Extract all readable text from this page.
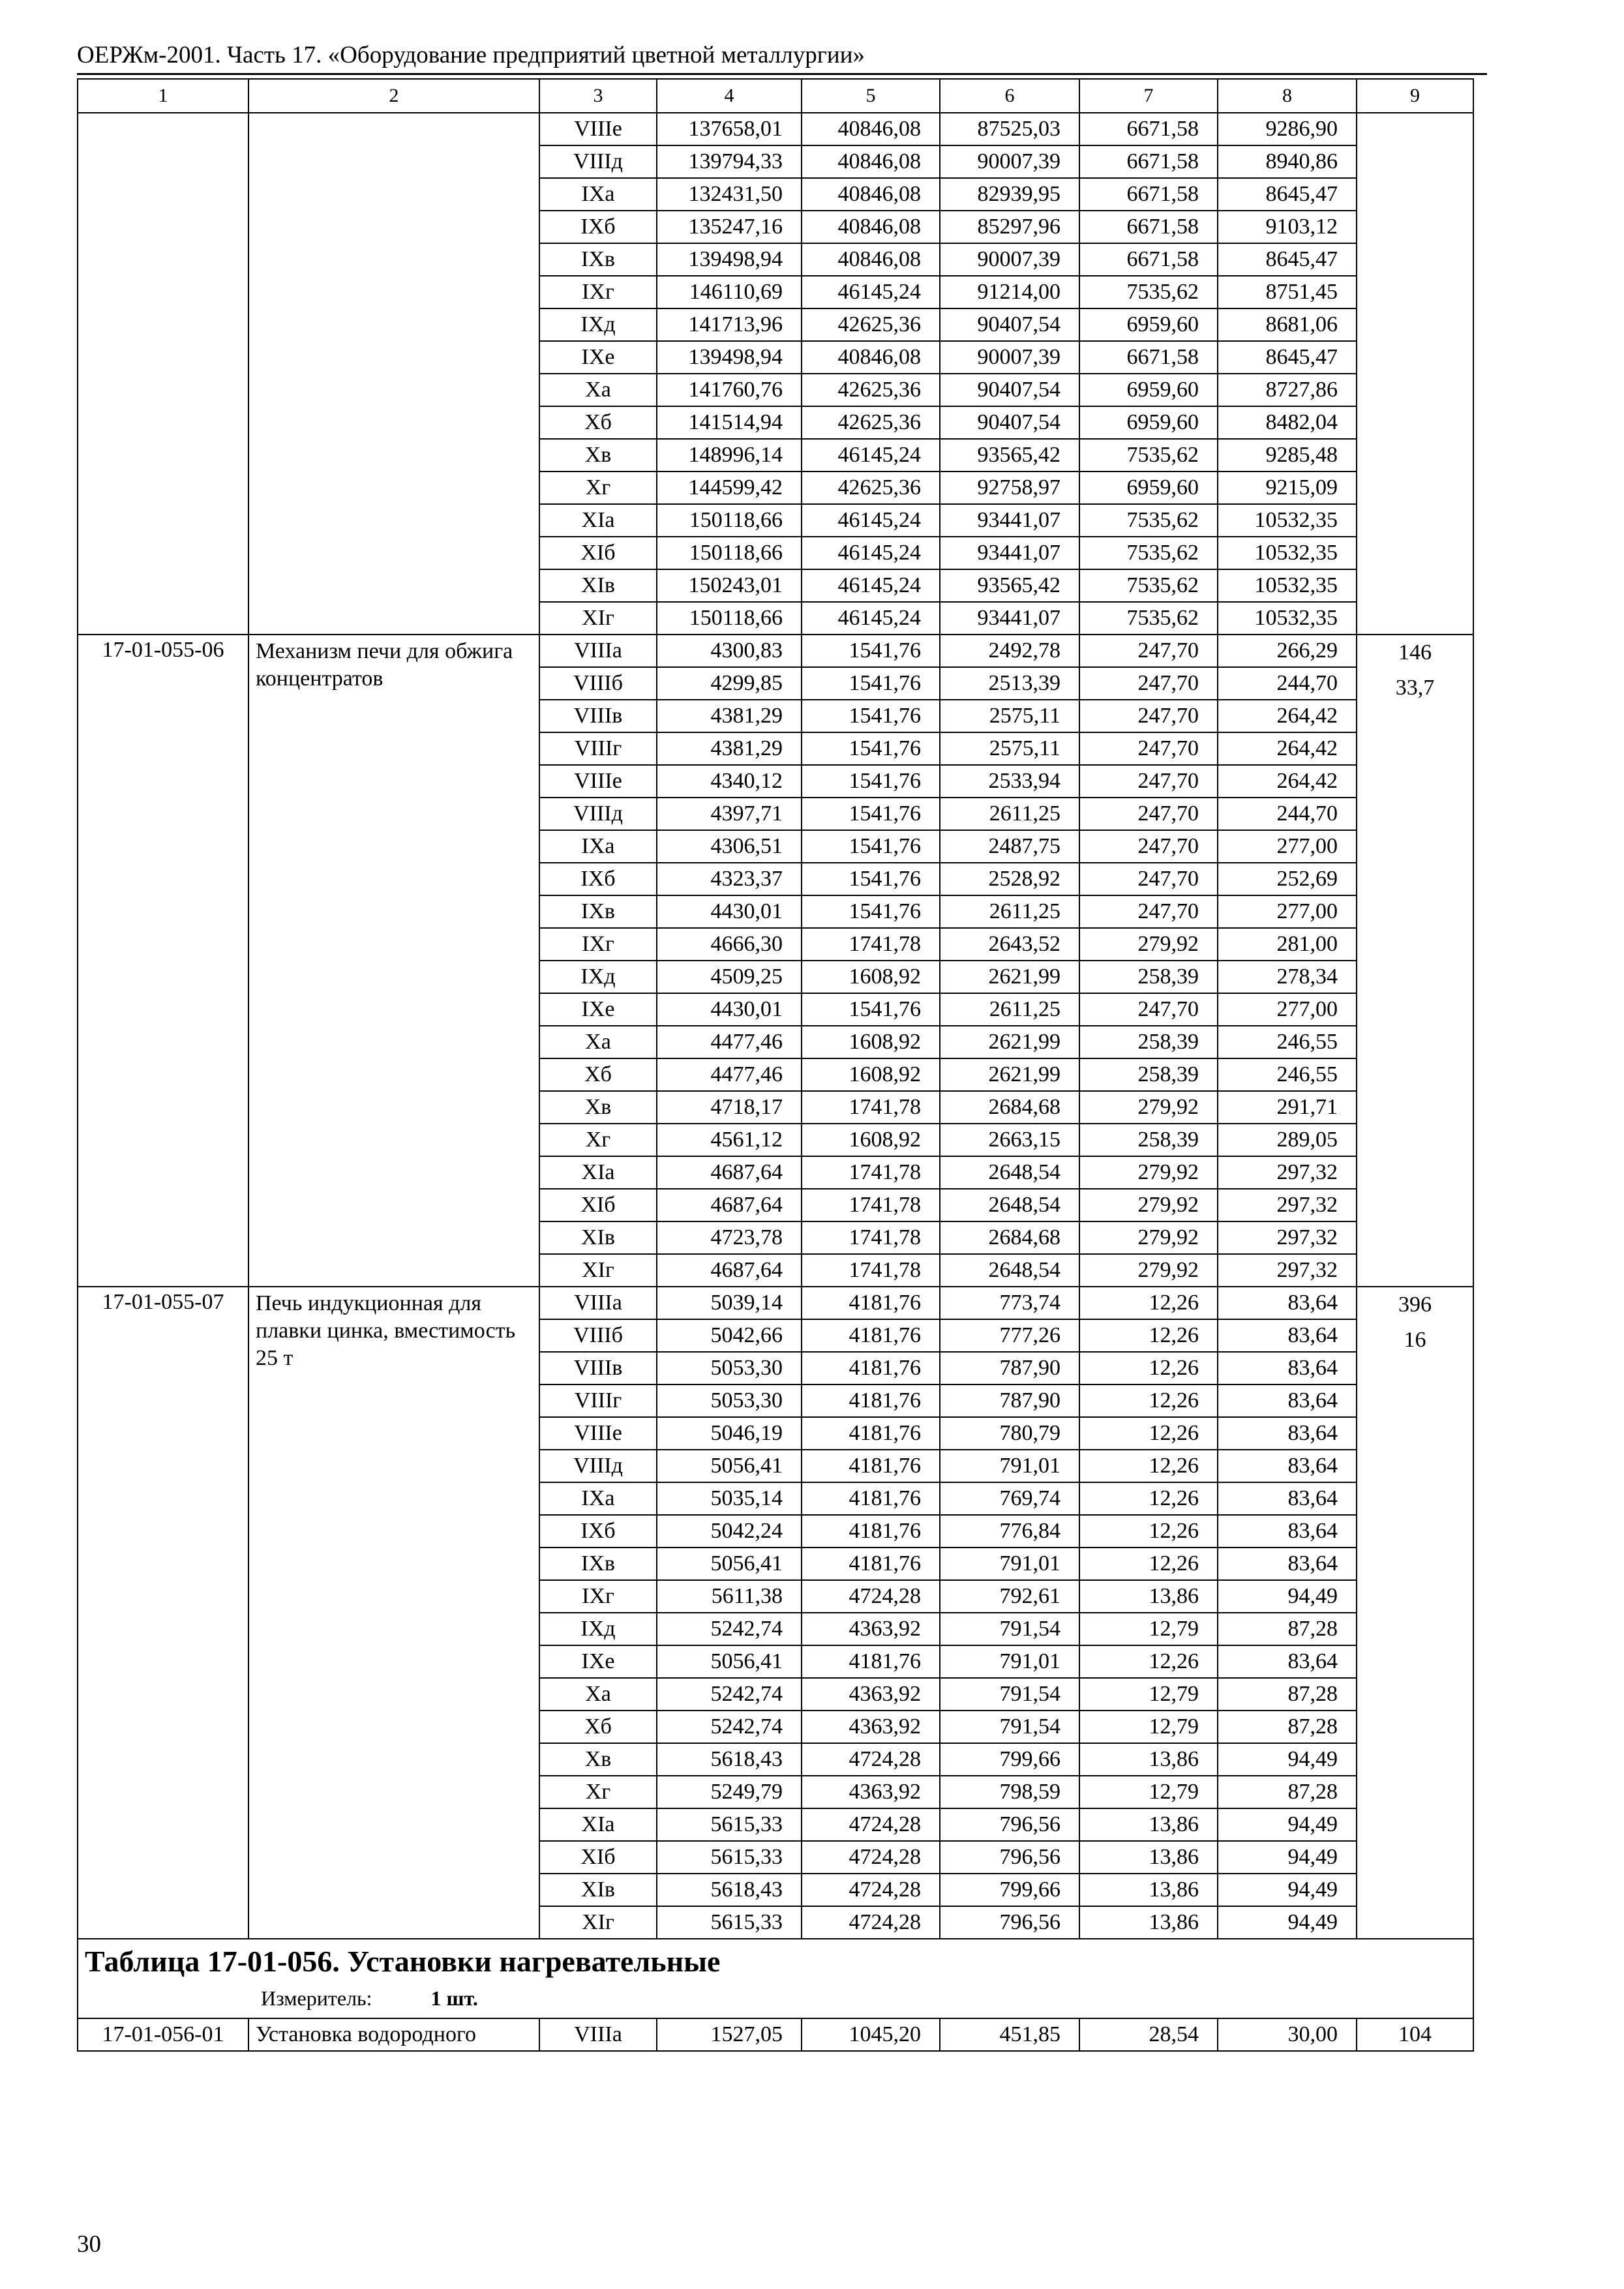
ОЕРЖм-2001. Часть 17. «Оборудование предприятий цветной металлургии»
1	2	3	4	5	6	7	8	9
		VIIIе	137658,01	40846,08	87525,03	6671,58	9286,90	
		VIIIд	139794,33	40846,08	90007,39	6671,58	8940,86	
		IXа	132431,50	40846,08	82939,95	6671,58	8645,47	
		IXб	135247,16	40846,08	85297,96	6671,58	9103,12	
		IXв	139498,94	40846,08	90007,39	6671,58	8645,47	
		IXг	146110,69	46145,24	91214,00	7535,62	8751,45	
		IXд	141713,96	42625,36	90407,54	6959,60	8681,06	
		IXе	139498,94	40846,08	90007,39	6671,58	8645,47	
		Xа	141760,76	42625,36	90407,54	6959,60	8727,86	
		Xб	141514,94	42625,36	90407,54	6959,60	8482,04	
		Xв	148996,14	46145,24	93565,42	7535,62	9285,48	
		Xг	144599,42	42625,36	92758,97	6959,60	9215,09	
		XIа	150118,66	46145,24	93441,07	7535,62	10532,35	
		XIб	150118,66	46145,24	93441,07	7535,62	10532,35	
		XIв	150243,01	46145,24	93565,42	7535,62	10532,35	
		XIг	150118,66	46145,24	93441,07	7535,62	10532,35	
17-01-055-06	Механизм печи для обжига концентратов	VIIIа	4300,83	1541,76	2492,78	247,70	266,29	146
33,7

		VIIIб	4299,85	1541,76	2513,39	247,70	244,70	
		VIIIв	4381,29	1541,76	2575,11	247,70	264,42	
		VIIIг	4381,29	1541,76	2575,11	247,70	264,42	
		VIIIе	4340,12	1541,76	2533,94	247,70	264,42	
		VIIIд	4397,71	1541,76	2611,25	247,70	244,70	
		IXа	4306,51	1541,76	2487,75	247,70	277,00	
		IXб	4323,37	1541,76	2528,92	247,70	252,69	
		IXв	4430,01	1541,76	2611,25	247,70	277,00	
		IXг	4666,30	1741,78	2643,52	279,92	281,00	
		IXд	4509,25	1608,92	2621,99	258,39	278,34	
		IXе	4430,01	1541,76	2611,25	247,70	277,00	
		Xа	4477,46	1608,92	2621,99	258,39	246,55	
		Xб	4477,46	1608,92	2621,99	258,39	246,55	
		Xв	4718,17	1741,78	2684,68	279,92	291,71	
		Xг	4561,12	1608,92	2663,15	258,39	289,05	
		XIа	4687,64	1741,78	2648,54	279,92	297,32	
		XIб	4687,64	1741,78	2648,54	279,92	297,32	
		XIв	4723,78	1741,78	2684,68	279,92	297,32	
		XIг	4687,64	1741,78	2648,54	279,92	297,32	
17-01-055-07	Печь индукционная для плавки цинка, вместимость 25 т	VIIIа	5039,14	4181,76	773,74	12,26	83,64	396
16

		VIIIб	5042,66	4181,76	777,26	12,26	83,64	
		VIIIв	5053,30	4181,76	787,90	12,26	83,64	
		VIIIг	5053,30	4181,76	787,90	12,26	83,64	
		VIIIе	5046,19	4181,76	780,79	12,26	83,64	
		VIIIд	5056,41	4181,76	791,01	12,26	83,64	
		IXа	5035,14	4181,76	769,74	12,26	83,64	
		IXб	5042,24	4181,76	776,84	12,26	83,64	
		IXв	5056,41	4181,76	791,01	12,26	83,64	
		IXг	5611,38	4724,28	792,61	13,86	94,49	
		IXд	5242,74	4363,92	791,54	12,79	87,28	
		IXе	5056,41	4181,76	791,01	12,26	83,64	
		Xа	5242,74	4363,92	791,54	12,79	87,28	
		Xб	5242,74	4363,92	791,54	12,79	87,28	
		Xв	5618,43	4724,28	799,66	13,86	94,49	
		Xг	5249,79	4363,92	798,59	12,79	87,28	
		XIа	5615,33	4724,28	796,56	13,86	94,49	
		XIб	5615,33	4724,28	796,56	13,86	94,49	
		XIв	5618,43	4724,28	799,66	13,86	94,49	
		XIг	5615,33	4724,28	796,56	13,86	94,49	

Таблица 17-01-056. Установки нагревательные
Измеритель: 1 шт.								

17-01-056-01	Установка водородного	VIIIа	1527,05	1045,20	451,85	28,54	30,00	104
30
